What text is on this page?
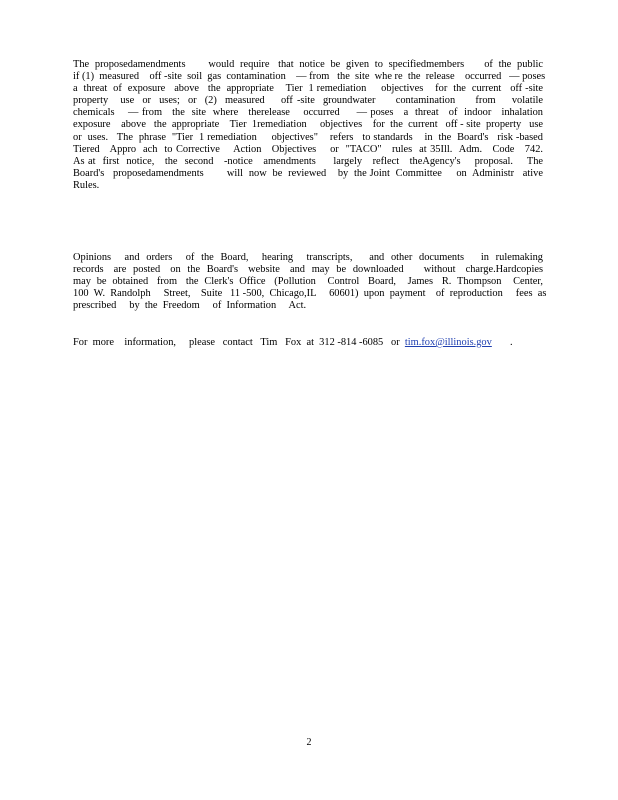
The  proposedamendments        would  require   that  notice  be  given  to  specifiedmembers       of  the  public
if (1)  measured    off -site  soil  gas  contamination    — from   the  site  whe re  the  release    occurred   — poses
a  threat  of  exposure   above   the  appropriate    Tier  1 remediation     objectives    for  the  current   off -site
property   use  or  uses;  or  (2)  measured    off -site  groundwater     contamination     from    volatile
chemicals    — from   the  site  where   therelease    occurred     — poses   a  threat   of  indoor   inhalation
exposure    above   the  appropriate    Tier  1remediation     objectives    for  the  current   off - site  property   use
or  uses.   The  phrase  "Tier  1 remediation     objectives"    refers   to standards    in  the  Board's   risk -based
Tiered   Appro  ach  to Corrective    Action   Objectives    or  "TACO"   rules  at 35Ill.  Adm.   Code   742.
As at  first  notice,   the  second   -notice   amendments     largely   reflect   theAgency's    proposal.    The
Board's   proposedamendments        will  now  be  reviewed    by  the Joint  Committee     on  Administr   ative
Rules.
Opinions    and  orders    of  the  Board,    hearing    transcripts,     and  other  documents     in  rulemaking
records   are  posted   on  the  Board's   website   and  may  be  downloaded      without   charge.Hardcopies
may  be  obtained   from   the  Clerk's  Office   (Pollution    Control   Board,    James   R.  Thompson    Center,
100  W.  Randolph     Street,    Suite   11 -500,  Chicago,IL     60601)  upon  payment    of  reproduction     fees  as
prescribed     by  the  Freedom     of  Information     Act.
For  more    information,     please   contact   Tim   Fox  at  312 -814 -6085   or  tim.fox@illinois.gov       .
2
